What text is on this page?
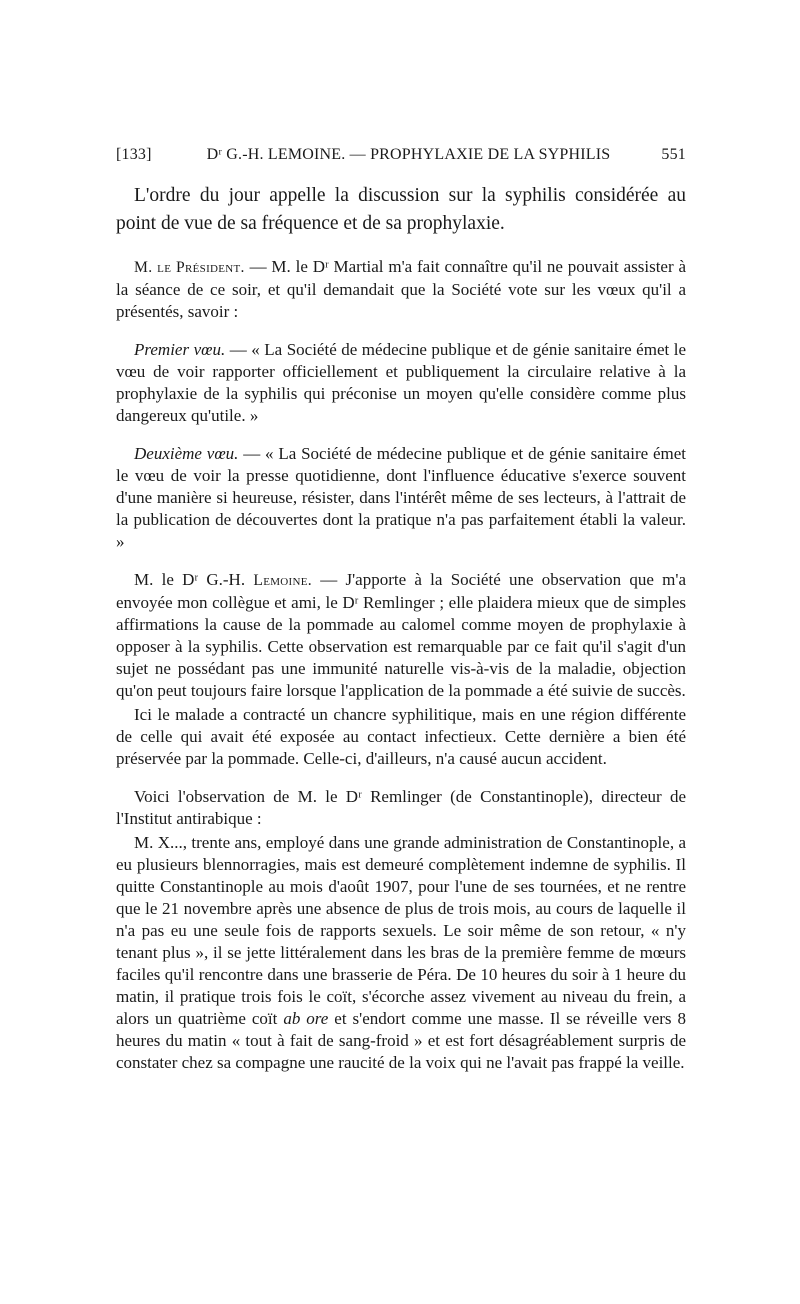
[133]	Dʳ G.-H. LEMOINE. — PROPHYLAXIE DE LA SYPHILIS	551

L'ordre du jour appelle la discussion sur la syphilis considérée au point de vue de sa fréquence et de sa prophylaxie.

M. le Président. — M. le Dʳ Martial m'a fait connaître qu'il ne pouvait assister à la séance de ce soir, et qu'il demandait que la Société vote sur les vœux qu'il a présentés, savoir :

Premier vœu. — « La Société de médecine publique et de génie sanitaire émet le vœu de voir rapporter officiellement et publiquement la circulaire relative à la prophylaxie de la syphilis qui préconise un moyen qu'elle considère comme plus dangereux qu'utile. »

Deuxième vœu. — « La Société de médecine publique et de génie sanitaire émet le vœu de voir la presse quotidienne, dont l'influence éducative s'exerce souvent d'une manière si heureuse, résister, dans l'intérêt même de ses lecteurs, à l'attrait de la publication de découvertes dont la pratique n'a pas parfaitement établi la valeur. »

M. le Dʳ G.-H. Lemoine. — J'apporte à la Société une observation que m'a envoyée mon collègue et ami, le Dʳ Remlinger ; elle plaidera mieux que de simples affirmations la cause de la pommade au calomel comme moyen de prophylaxie à opposer à la syphilis. Cette observation est remarquable par ce fait qu'il s'agit d'un sujet ne possédant pas une immunité naturelle vis-à-vis de la maladie, objection qu'on peut toujours faire lorsque l'application de la pommade a été suivie de succès.

Ici le malade a contracté un chancre syphilitique, mais en une région différente de celle qui avait été exposée au contact infectieux. Cette dernière a bien été préservée par la pommade. Celle-ci, d'ailleurs, n'a causé aucun accident.

Voici l'observation de M. le Dʳ Remlinger (de Constantinople), directeur de l'Institut antirabique :

M. X..., trente ans, employé dans une grande administration de Constantinople, a eu plusieurs blennorragies, mais est demeuré complètement indemne de syphilis. Il quitte Constantinople au mois d'août 1907, pour l'une de ses tournées, et ne rentre que le 21 novembre après une absence de plus de trois mois, au cours de laquelle il n'a pas eu une seule fois de rapports sexuels. Le soir même de son retour, « n'y tenant plus », il se jette littéralement dans les bras de la première femme de mœurs faciles qu'il rencontre dans une brasserie de Péra. De 10 heures du soir à 1 heure du matin, il pratique trois fois le coït, s'écorche assez vivement au niveau du frein, a alors un quatrième coït ab ore et s'endort comme une masse. Il se réveille vers 8 heures du matin « tout à fait de sang-froid » et est fort désagréablement surpris de constater chez sa compagne une raucité de la voix qui ne l'avait pas frappé la veille.
